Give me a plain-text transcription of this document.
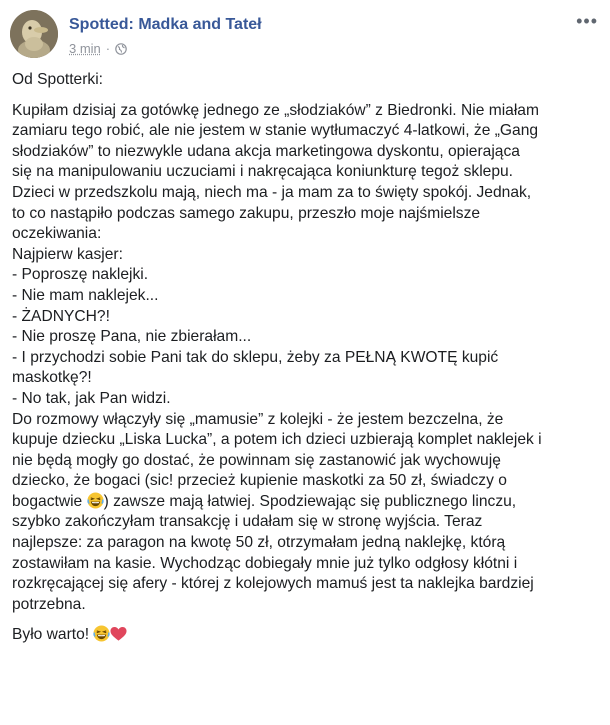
Spotted: Madka and Tateł
3 min ·
•••

Od Spotterki:

Kupiłam dzisiaj za gotówkę jednego ze „słodziaków” z Biedronki. Nie miałam
zamiaru tego robić, ale nie jestem w stanie wytłumaczyć 4-latkowi, że „Gang
słodziaków” to niezwykle udana akcja marketingowa dyskontu, opierająca
się na manipulowaniu uczuciami i nakręcająca koniunkturę tegoż sklepu.
Dzieci w przedszkolu mają, niech ma - ja mam za to święty spokój. Jednak,
to co nastąpiło podczas samego zakupu, przeszło moje najśmielsze
oczekiwania:
Najpierw kasjer:
- Poproszę naklejki.
- Nie mam naklejek...
- ŻADNYCH?!
- Nie proszę Pana, nie zbierałam...
- I przychodzi sobie Pani tak do sklepu, żeby za PEŁNĄ KWOTĘ kupić
maskotkę?!
- No tak, jak Pan widzi.
Do rozmowy włączyły się „mamusie” z kolejki - że jestem bezczelna, że
kupuje dziecku „Liska Lucka”, a potem ich dzieci uzbierają komplet naklejek i
nie będą mogły go dostać, że powinnam się zastanowić jak wychowuję
dziecko, że bogaci (sic! przecież kupienie maskotki za 50 zł, świadczy o
bogactwie ) zawsze mają łatwiej. Spodziewając się publicznego linczu,
szybko zakończyłam transakcję i udałam się w stronę wyjścia. Teraz
najlepsze: za paragon na kwotę 50 zł, otrzymałam jedną naklejkę, którą
zostawiłam na kasie. Wychodząc dobiegały mnie już tylko odgłosy kłótni i
rozkręcającej się afery - której z kolejowych mamuś jest ta naklejka bardziej
potrzebna.

Było warto!
